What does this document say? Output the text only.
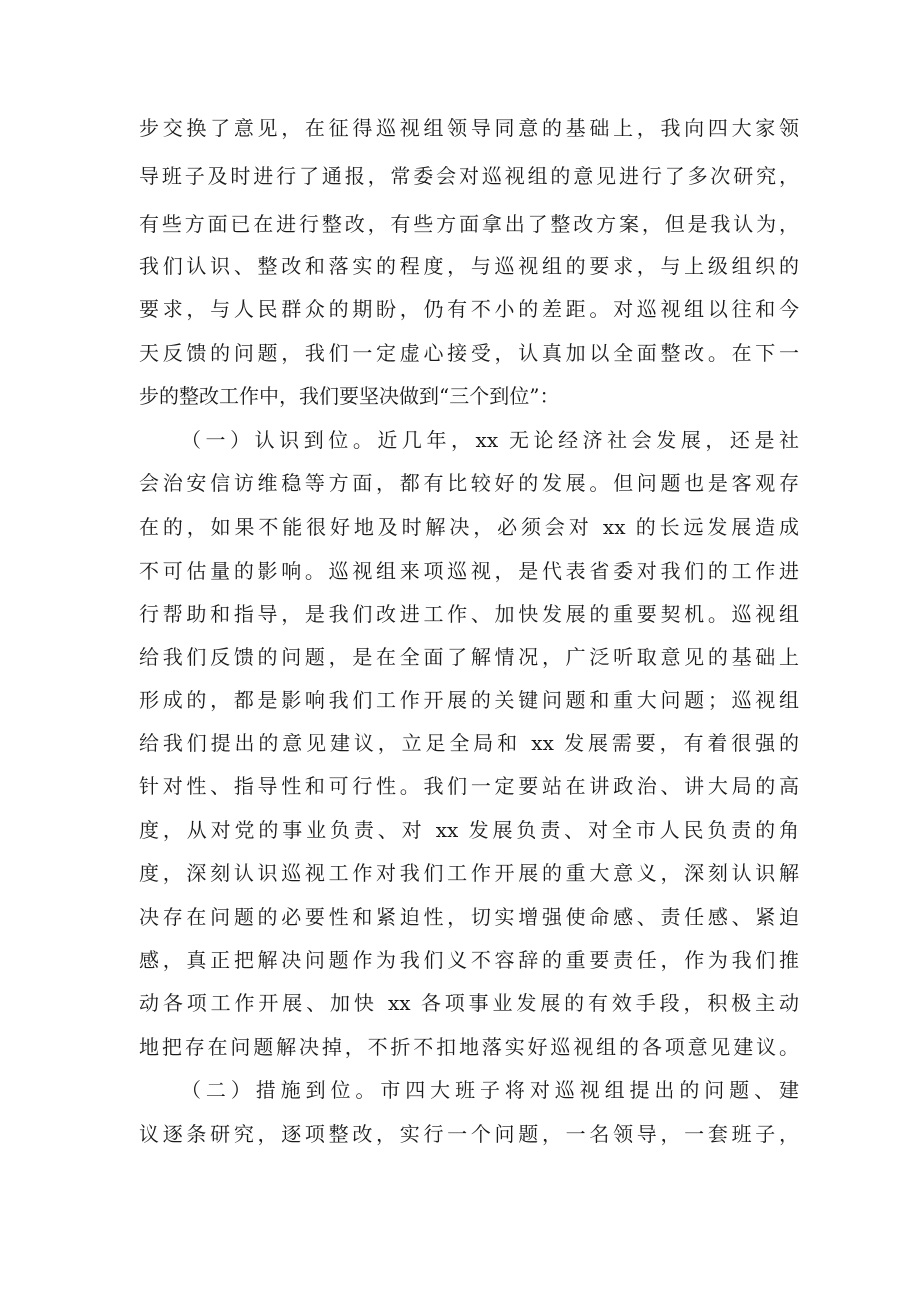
步交换了意见，在征得巡视组领导同意的基础上，我向四大家领
导班子及时进行了通报，常委会对巡视组的意见进行了多次研究，
有些方面已在进行整改，有些方面拿出了整改方案，但是我认为，
我们认识、整改和落实的程度，与巡视组的要求，与上级组织的
要求，与人民群众的期盼，仍有不小的差距。对巡视组以往和今
天反馈的问题，我们一定虚心接受，认真加以全面整改。在下一
步的整改工作中，我们要坚决做到“三个到位”：
（一）认识到位。近几年，xx 无论经济社会发展，还是社
会治安信访维稳等方面，都有比较好的发展。但问题也是客观存
在的，如果不能很好地及时解决，必须会对 xx 的长远发展造成
不可估量的影响。巡视组来项巡视，是代表省委对我们的工作进
行帮助和指导，是我们改进工作、加快发展的重要契机。巡视组
给我们反馈的问题，是在全面了解情况，广泛听取意见的基础上
形成的，都是影响我们工作开展的关键问题和重大问题；巡视组
给我们提出的意见建议，立足全局和 xx 发展需要，有着很强的
针对性、指导性和可行性。我们一定要站在讲政治、讲大局的高
度，从对党的事业负责、对 xx 发展负责、对全市人民负责的角
度，深刻认识巡视工作对我们工作开展的重大意义，深刻认识解
决存在问题的必要性和紧迫性，切实增强使命感、责任感、紧迫
感，真正把解决问题作为我们义不容辞的重要责任，作为我们推
动各项工作开展、加快 xx 各项事业发展的有效手段，积极主动
地把存在问题解决掉，不折不扣地落实好巡视组的各项意见建议。
（二）措施到位。市四大班子将对巡视组提出的问题、建
议逐条研究，逐项整改，实行一个问题，一名领导，一套班子，
